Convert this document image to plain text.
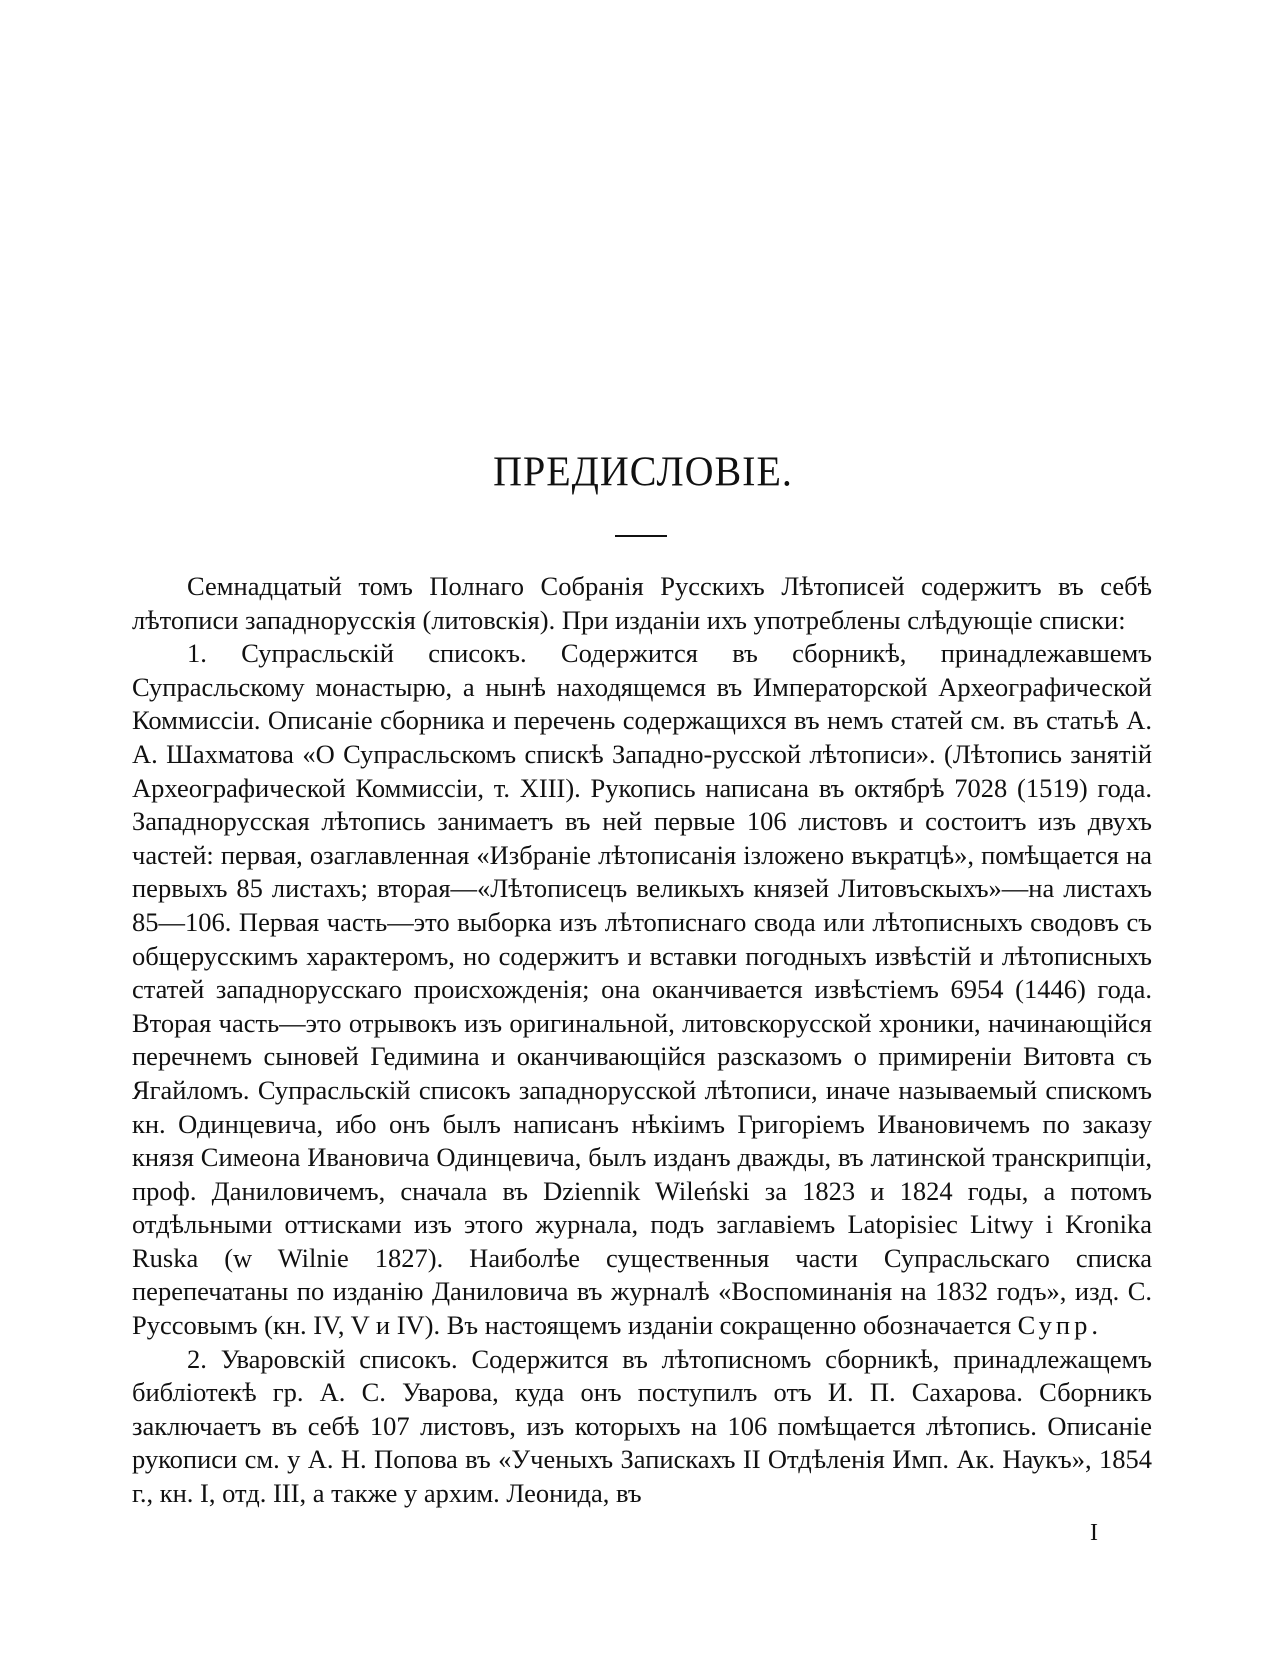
ПРЕДИСЛОВІЕ.

Семнадцатый томъ Полнаго Собранія Русскихъ Лѣтописей содержитъ въ себѣ лѣтописи западнорусскія (литовскія). При изданіи ихъ употреблены слѣдующіе списки:

1. Супрасльскій списокъ. Содержится въ сборникѣ, принадлежавшемъ Супрасльскому монастырю, а нынѣ находящемся въ Императорской Археографической Коммиссіи. Описаніе сборника и перечень содержащихся въ немъ статей см. въ статьѣ А. А. Шахматова «О Супрасльскомъ спискѣ Западно-русской лѣтописи». (Лѣтопись занятій Археографической Коммиссіи, т. XIII). Рукопись написана въ октябрѣ 7028 (1519) года. Западнорусская лѣтопись занимаетъ въ ней первые 106 листовъ и состоитъ изъ двухъ частей: первая, озаглавленная «Избраніе лѣтописанія ізложено въкратцѣ», помѣщается на первыхъ 85 листахъ; вторая—«Лѣтописецъ великыхъ князей Литовъскыхъ»—на листахъ 85—106. Первая часть—это выборка изъ лѣтописнаго свода или лѣтописныхъ сводовъ съ общерусскимъ характеромъ, но содержитъ и вставки погодныхъ извѣстій и лѣтописныхъ статей западнорусскаго происхожденія; она оканчивается извѣстіемъ 6954 (1446) года. Вторая часть—это отрывокъ изъ оригинальной, литовскорусской хроники, начинающійся перечнемъ сыновей Гедимина и оканчивающійся разсказомъ о примиреніи Витовта съ Ягайломъ. Супрасльскій списокъ западнорусской лѣтописи, иначе называемый спискомъ кн. Одинцевича, ибо онъ былъ написанъ нѣкіимъ Григоріемъ Ивановичемъ по заказу князя Симеона Ивановича Одинцевича, былъ изданъ дважды, въ латинской транскрипціи, проф. Даниловичемъ, сначала въ Dziennik Wileński за 1823 и 1824 годы, а потомъ отдѣльными оттисками изъ этого журнала, подъ заглавіемъ Latopisiec Litwy i Kronika Ruska (w Wilnie 1827). Наиболѣе существенныя части Супрасльскаго списка перепечатаны по изданію Даниловича въ журналѣ «Воспоминанія на 1832 годъ», изд. С. Руссовымъ (кн. IV, V и IV). Въ настоящемъ изданіи сокращенно обозначается Супр.

2. Уваровскій списокъ. Содержится въ лѣтописномъ сборникѣ, принадлежащемъ библіотекѣ гр. А. С. Уварова, куда онъ поступилъ отъ И. П. Сахарова. Сборникъ заключаетъ въ себѣ 107 листовъ, изъ которыхъ на 106 помѣщается лѣтопись. Описаніе рукописи см. у А. Н. Попова въ «Ученыхъ Запискахъ II Отдѣленія Имп. Ак. Наукъ», 1854 г., кн. I, отд. III, а также у архим. Леонида, въ

I
